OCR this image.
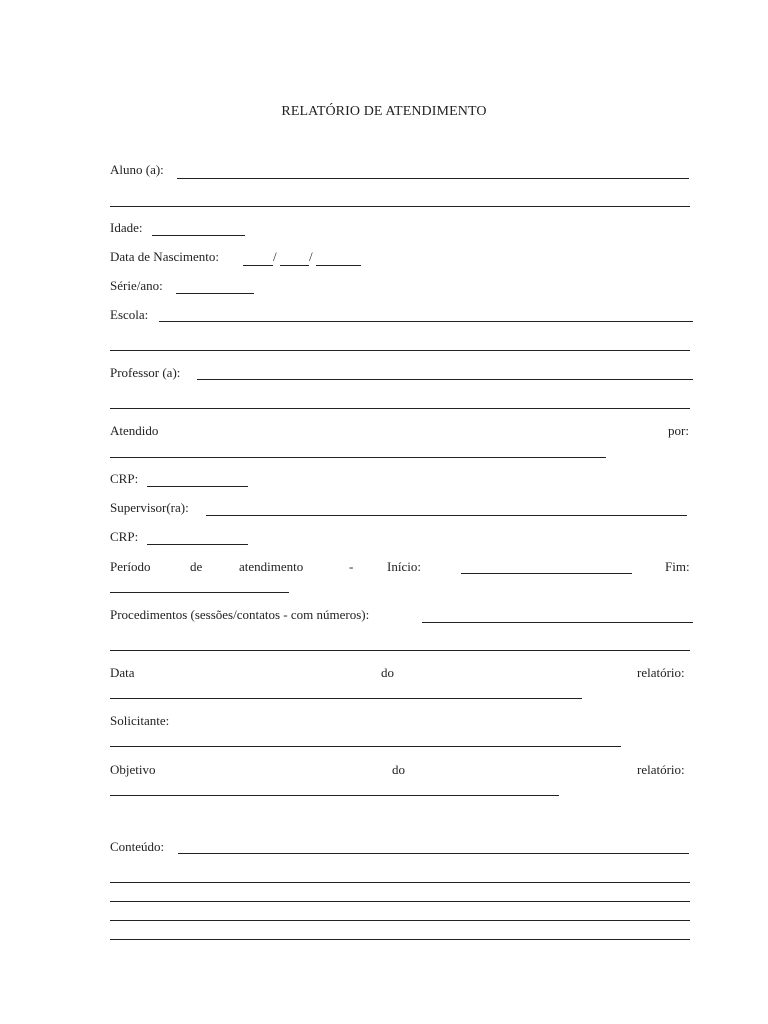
RELATÓRIO DE ATENDIMENTO
Aluno (a):
Idade:
Data de Nascimento:	/ /
Série/ano:
Escola:
Professor (a):
Atendido	por:
CRP:
Supervisor(ra):
CRP:
Período	de	atendimento	-	Início:	Fim:
Procedimentos (sessões/contatos - com números):
Data	do	relatório:
Solicitante:
Objetivo	do	relatório:
Conteúdo:
